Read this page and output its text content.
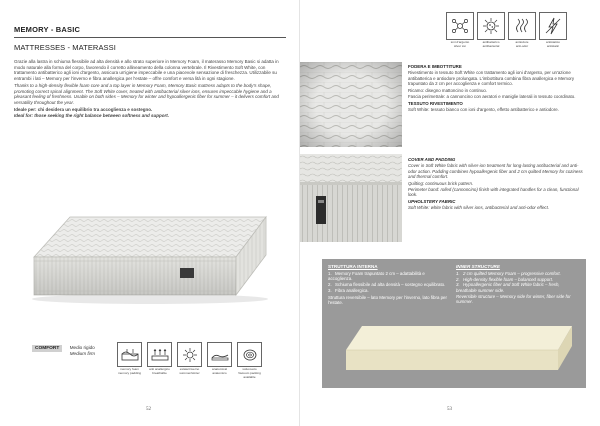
MEMORY - BASIC
MATTRESSES - MATERASSI

Grazie alla lastra in schiuma flessibile ad alta densità e allo strato superiore in Memory Foam, il materasso Memory Basic si adatta in modo naturale alla forma del corpo, favorendo il corretto allineamento della colonna vertebrale. Il Rivestimento Soft White, con trattamento antibatterico agli ioni d'argento, assicura un'igiene impeccabile e una piacevole sensazione di freschezza. Utilizzabile su entrambi i lati – Memory per l'inverno e fibra anallergica per l'estate – offre comfort e versa lità in ogni stagione.

Thanks to a high-density flexible foam core and a top layer in Memory Foam, Memory Basic mattress adapts to the body's shape, promoting correct spinal alignment. The Soft White cover, treated with antibacterial silver ions, ensures impeccable hygiene and a pleasant feeling of freshness. Usable on both sides – Memory for winter and hypoallergenic fiber for summer – it delivers comfort and versatility throughout the year.

Ideale per: chi desidera un equilibrio tra accoglienza e sostegno.

Ideal for: those seeking the right balance between softness and support.

COMFORT Medio rigido
Medium firm
memory foam
memory padding
anti anallergico
breathable
estate/inverno
summer/winter
anatomical
anatomico
sottovuoto
Vacuum packing
available
52
ioni d'argento
silver ion
antibatterico
antibacterial
antiodore
anti-odor
antistatico
antistatic

FODERA E IMBOTTITURE

Rivestimento in tessuto Soft White con trattamento agli ioni d'argento, per un'azione antibatterica e antiodore prolungata. L'imbottitura combina fibra anallergica e Memory trapuntato da 2 cm per accoglienza e comfort termico.

Ricamo: disegno mattoncino in continuo.

Fascia perimetrale: a cannoncino con aeratori e maniglie laterali in tessuto coordinato.

TESSUTO RIVESTIMENTO

Soft White: tessuto bianco con ioni d'argento, effetto antibatterico e antiodore.

COVER AND PADDING

Cover in Soft White fabric with silver-ion treatment for long-lasting antibacterial and anti-odor action. Padding combines hypoallergenic fiber and 2 cm quilted Memory for coziness and thermal comfort.

Quilting: continuous brick pattern.

Perimeter band: rolled (cannoncino) finish with integrated handles for a clean, functional look.

UPHOLSTERY FABRIC

Soft White: white fabric with silver ions, antibacterial and anti-odor effect.

STRUTTURA INTERNA
1. Memory Foam trapuntato 2 cm – adattabilità e accoglienza.
2. Schiuma flessibile ad alta densità – sostegno equilibrato.
3. Fibra anallergica.
Struttura reversibile – lato Memory per l'inverno, lato fibra per l'estate.
INNER STRUCTURE
1. 2 cm quilted Memory Foam – progressive comfort.
2. High-density flexible foam – balanced support.
3. Hypoallergenic fiber and Soft White fabric – fresh, breathable summer side.
Reversible structure – Memory side for winter, fiber side for summer.
53
